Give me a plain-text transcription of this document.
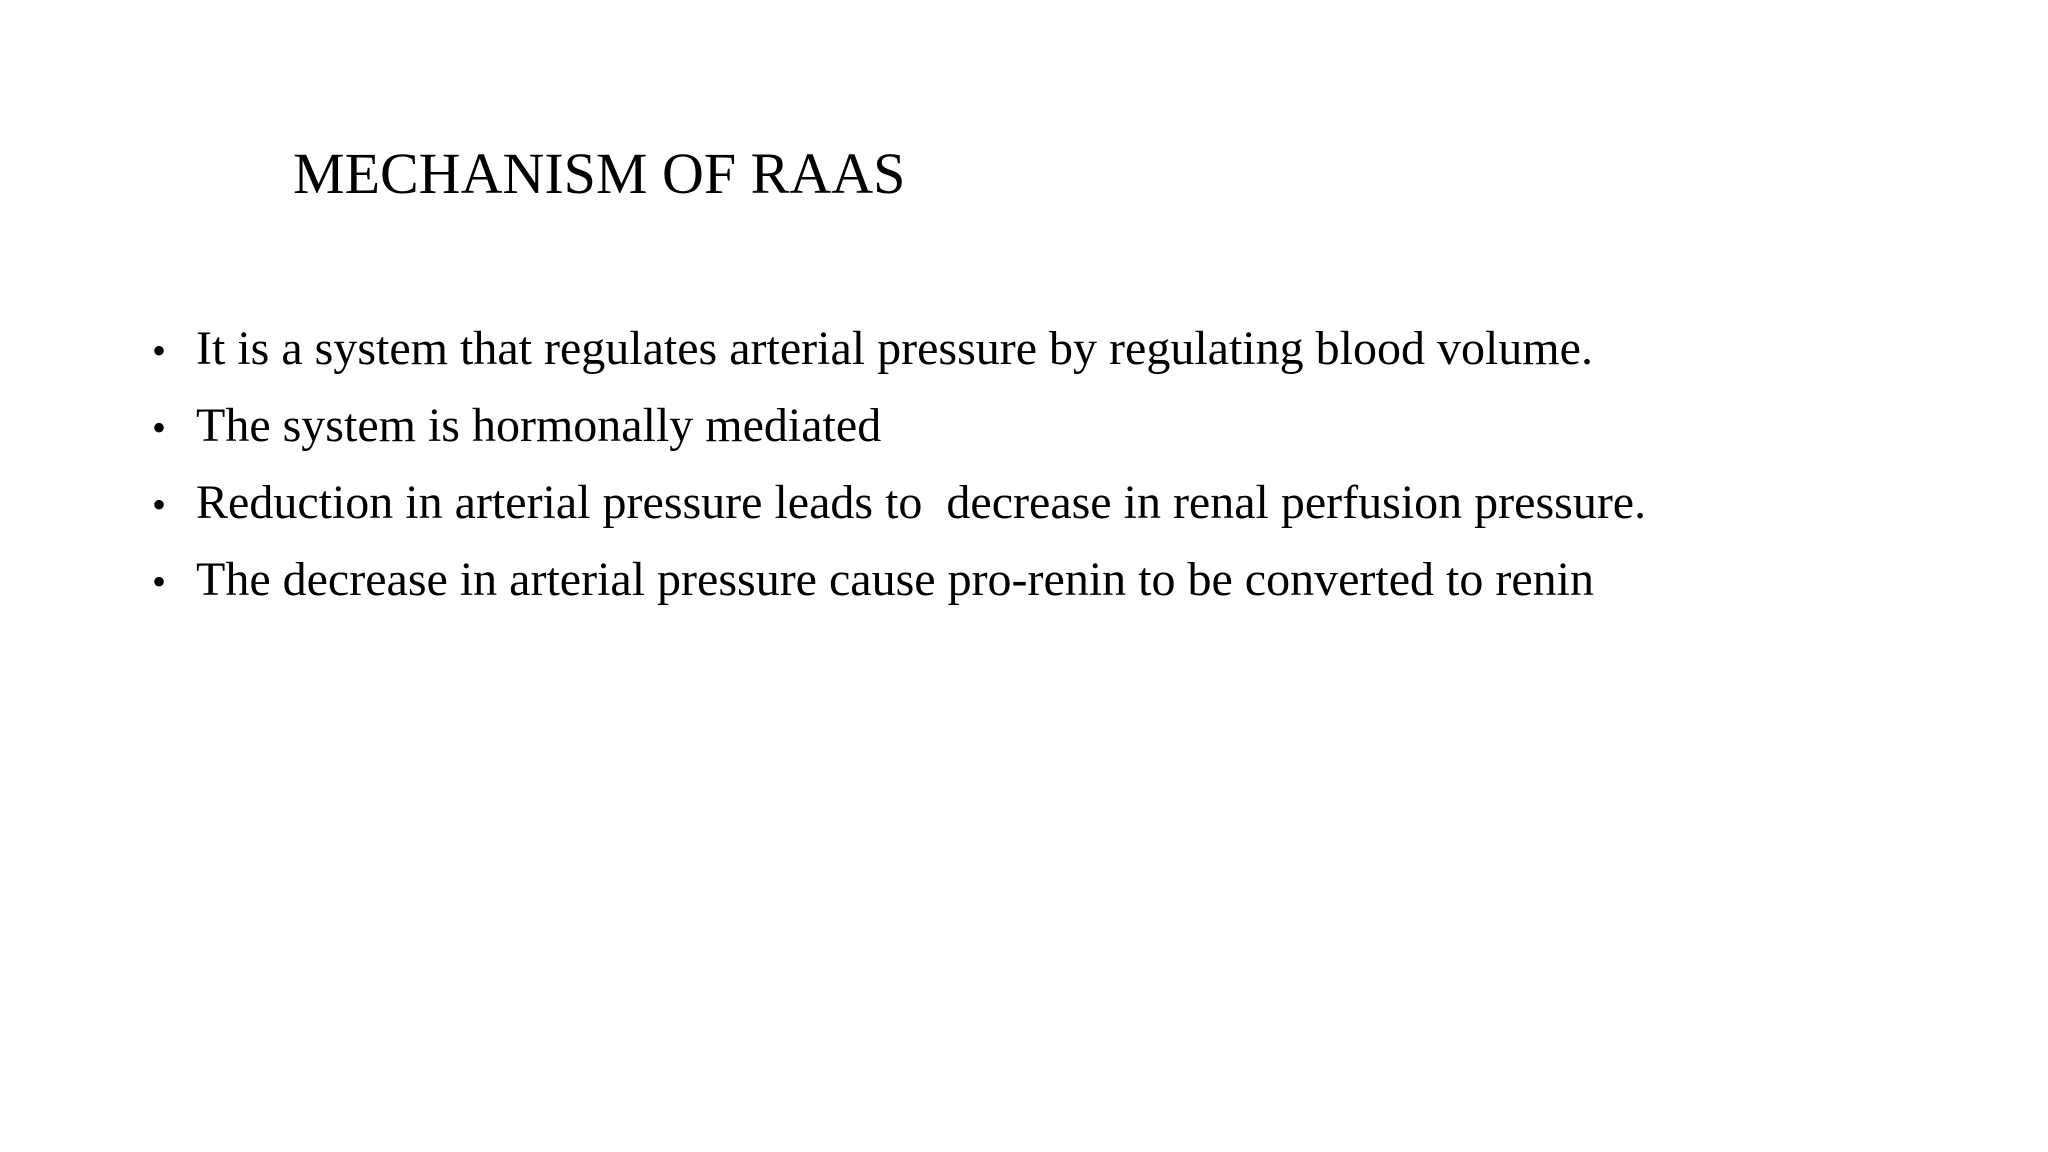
MECHANISM OF RAAS
• It is a system that regulates arterial pressure by regulating blood volume.
• The system is hormonally mediated
• Reduction in arterial pressure leads to  decrease in renal perfusion pressure.
• The decrease in arterial pressure cause pro-renin to be converted to renin
